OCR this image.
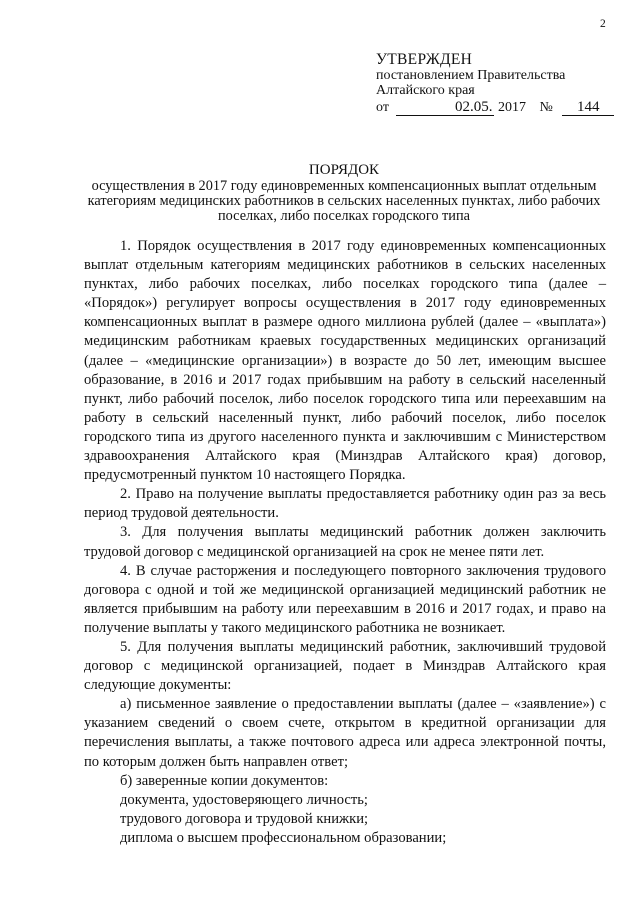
2
УТВЕРЖДЕН
постановлением Правительства
Алтайского края
от	02.05. 2017 № 144
ПОРЯДОК
осуществления в 2017 году единовременных компенсационных выплат отдельным категориям медицинских работников в сельских населенных пунктах, либо рабочих поселках, либо поселках городского типа

1. Порядок осуществления в 2017 году единовременных компенсационных выплат отдельным категориям медицинских работников в сельских населенных пунктах, либо рабочих поселках, либо поселках городского типа (далее – «Порядок») регулирует вопросы осуществления в 2017 году единовременных компенсационных выплат в размере одного миллиона рублей (далее – «выплата») медицинским работникам краевых государственных медицинских организаций (далее – «медицинские организации») в возрасте до 50 лет, имеющим высшее образование, в 2016 и 2017 годах прибывшим на работу в сельский населенный пункт, либо рабочий поселок, либо поселок городского типа или переехавшим на работу в сельский населенный пункт, либо рабочий поселок, либо поселок городского типа из другого населенного пункта и заключившим с Министерством здравоохранения Алтайского края (Минздрав Алтайского края) договор, предусмотренный пунктом 10 настоящего Порядка.

2. Право на получение выплаты предоставляется работнику один раз за весь период трудовой деятельности.

3. Для получения выплаты медицинский работник должен заключить трудовой договор с медицинской организацией на срок не менее пяти лет.

4. В случае расторжения и последующего повторного заключения трудового договора с одной и той же медицинской организацией медицинский работник не является прибывшим на работу или переехавшим в 2016 и 2017 годах, и право на получение выплаты у такого медицинского работника не возникает.

5. Для получения выплаты медицинский работник, заключивший трудовой договор с медицинской организацией, подает в Минздрав Алтайского края следующие документы:

а) письменное заявление о предоставлении выплаты (далее – «заявление») с указанием сведений о своем счете, открытом в кредитной организации для перечисления выплаты, а также почтового адреса или адреса электронной почты, по которым должен быть направлен ответ;

б) заверенные копии документов:

документа, удостоверяющего личность;

трудового договора и трудовой книжки;

диплома о высшем профессиональном образовании;
